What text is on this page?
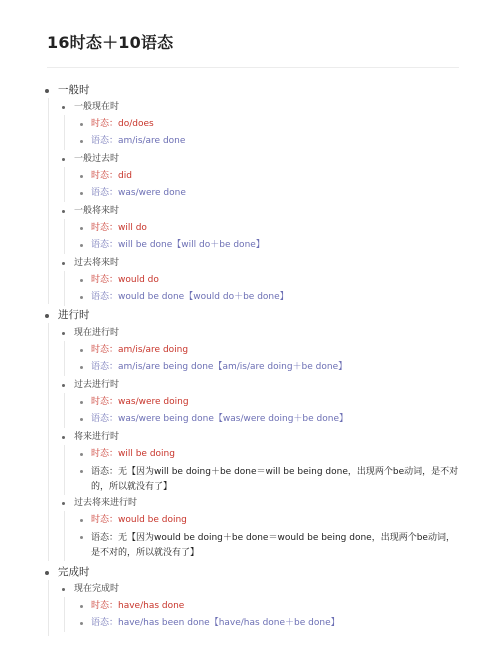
16时态＋10语态
一般时
一般现在时
时态：do/does
语态：am/is/are done
一般过去时
时态：did
语态：was/were done
一般将来时
时态：will do
语态：will be done【will do＋be done】
过去将来时
时态：would do
语态：would be done【would do＋be done】
进行时
现在进行时
时态：am/is/are doing
语态：am/is/are being done【am/is/are doing＋be done】
过去进行时
时态：was/were doing
语态：was/were being done【was/were doing＋be done】
将来进行时
时态：will be doing
语态：无【因为will be doing＋be done＝will be being done，出现两个be动词，是不对的，所以就没有了】
过去将来进行时
时态：would be doing
语态：无【因为would be doing＋be done＝would be being done，出现两个be动词，是不对的，所以就没有了】
完成时
现在完成时
时态：have/has done
语态：have/has been done【have/has done＋be done】
